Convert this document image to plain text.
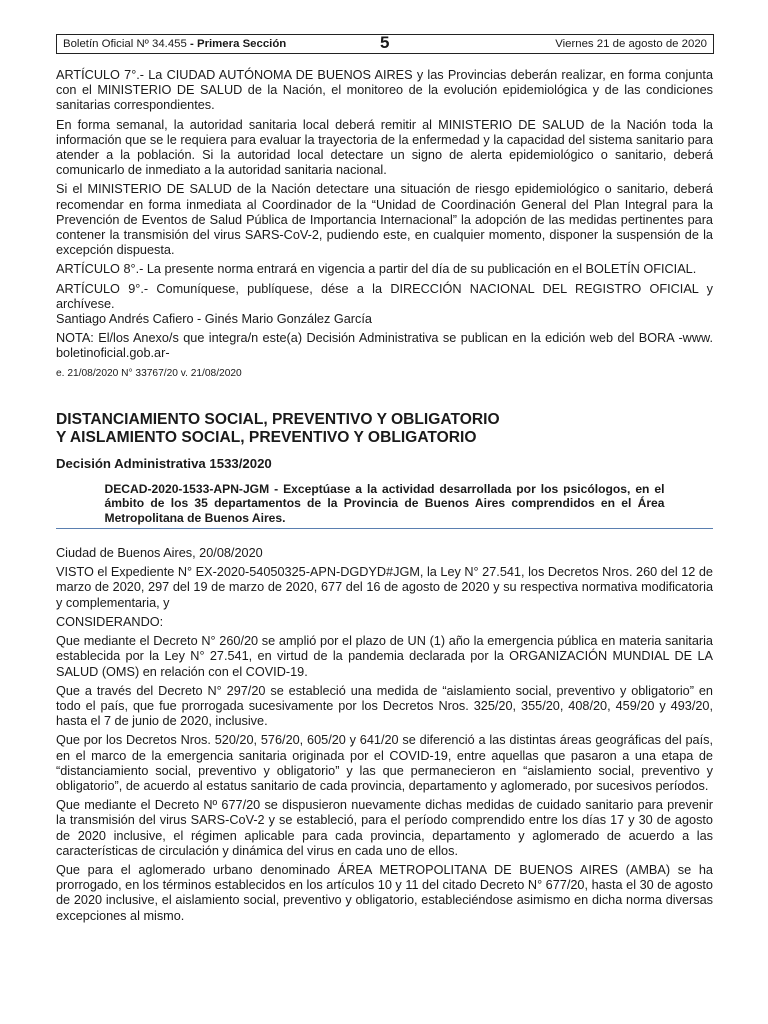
Boletín Oficial Nº 34.455 - Primera Sección	5	Viernes 21 de agosto de 2020

ARTÍCULO 7°.- La CIUDAD AUTÓNOMA DE BUENOS AIRES y las Provincias deberán realizar, en forma conjunta con el MINISTERIO DE SALUD de la Nación, el monitoreo de la evolución epidemiológica y de las condiciones sanitarias correspondientes.

En forma semanal, la autoridad sanitaria local deberá remitir al MINISTERIO DE SALUD de la Nación toda la información que se le requiera para evaluar la trayectoria de la enfermedad y la capacidad del sistema sanitario para atender a la población. Si la autoridad local detectare un signo de alerta epidemiológico o sanitario, deberá comunicarlo de inmediato a la autoridad sanitaria nacional.

Si el MINISTERIO DE SALUD de la Nación detectare una situación de riesgo epidemiológico o sanitario, deberá recomendar en forma inmediata al Coordinador de la “Unidad de Coordinación General del Plan Integral para la Prevención de Eventos de Salud Pública de Importancia Internacional” la adopción de las medidas pertinentes para contener la transmisión del virus SARS-CoV-2, pudiendo este, en cualquier momento, disponer la suspensión de la excepción dispuesta.

ARTÍCULO 8°.- La presente norma entrará en vigencia a partir del día de su publicación en el BOLETÍN OFICIAL.

ARTÍCULO 9°.- Comuníquese, publíquese, dése a la DIRECCIÓN NACIONAL DEL REGISTRO OFICIAL y archívese.

Santiago Andrés Cafiero - Ginés Mario González García

NOTA: El/los Anexo/s que integra/n este(a) Decisión Administrativa se publican en la edición web del BORA -www. boletinoficial.gob.ar-

e. 21/08/2020 N° 33767/20 v. 21/08/2020

DISTANCIAMIENTO SOCIAL, PREVENTIVO Y OBLIGATORIO

Y AISLAMIENTO SOCIAL, PREVENTIVO Y OBLIGATORIO

Decisión Administrativa 1533/2020

DECAD-2020-1533-APN-JGM - Exceptúase a la actividad desarrollada por los psicólogos, en el ámbito de los 35 departamentos de la Provincia de Buenos Aires comprendidos en el Área Metropolitana de Buenos Aires.

Ciudad de Buenos Aires, 20/08/2020

VISTO el Expediente N° EX-2020-54050325-APN-DGDYD#JGM, la Ley N° 27.541, los Decretos Nros. 260 del 12 de marzo de 2020, 297 del 19 de marzo de 2020, 677 del 16 de agosto de 2020 y su respectiva normativa modificatoria y complementaria, y

CONSIDERANDO:

Que mediante el Decreto N° 260/20 se amplió por el plazo de UN (1) año la emergencia pública en materia sanitaria establecida por la Ley N° 27.541, en virtud de la pandemia declarada por la ORGANIZACIÓN MUNDIAL DE LA SALUD (OMS) en relación con el COVID-19.

Que a través del Decreto N° 297/20 se estableció una medida de “aislamiento social, preventivo y obligatorio” en todo el país, que fue prorrogada sucesivamente por los Decretos Nros. 325/20, 355/20, 408/20, 459/20 y 493/20, hasta el 7 de junio de 2020, inclusive.

Que por los Decretos Nros. 520/20, 576/20, 605/20 y 641/20 se diferenció a las distintas áreas geográficas del país, en el marco de la emergencia sanitaria originada por el COVID-19, entre aquellas que pasaron a una etapa de “distanciamiento social, preventivo y obligatorio” y las que permanecieron en “aislamiento social, preventivo y obligatorio”, de acuerdo al estatus sanitario de cada provincia, departamento y aglomerado, por sucesivos períodos.

Que mediante el Decreto Nº 677/20 se dispusieron nuevamente dichas medidas de cuidado sanitario para prevenir la transmisión del virus SARS-CoV-2 y se estableció, para el período comprendido entre los días 17 y 30 de agosto de 2020 inclusive, el régimen aplicable para cada provincia, departamento y aglomerado de acuerdo a las características de circulación y dinámica del virus en cada uno de ellos.

Que para el aglomerado urbano denominado ÁREA METROPOLITANA DE BUENOS AIRES (AMBA) se ha prorrogado, en los términos establecidos en los artículos 10 y 11 del citado Decreto N° 677/20, hasta el 30 de agosto de 2020 inclusive, el aislamiento social, preventivo y obligatorio, estableciéndose asimismo en dicha norma diversas excepciones al mismo.
